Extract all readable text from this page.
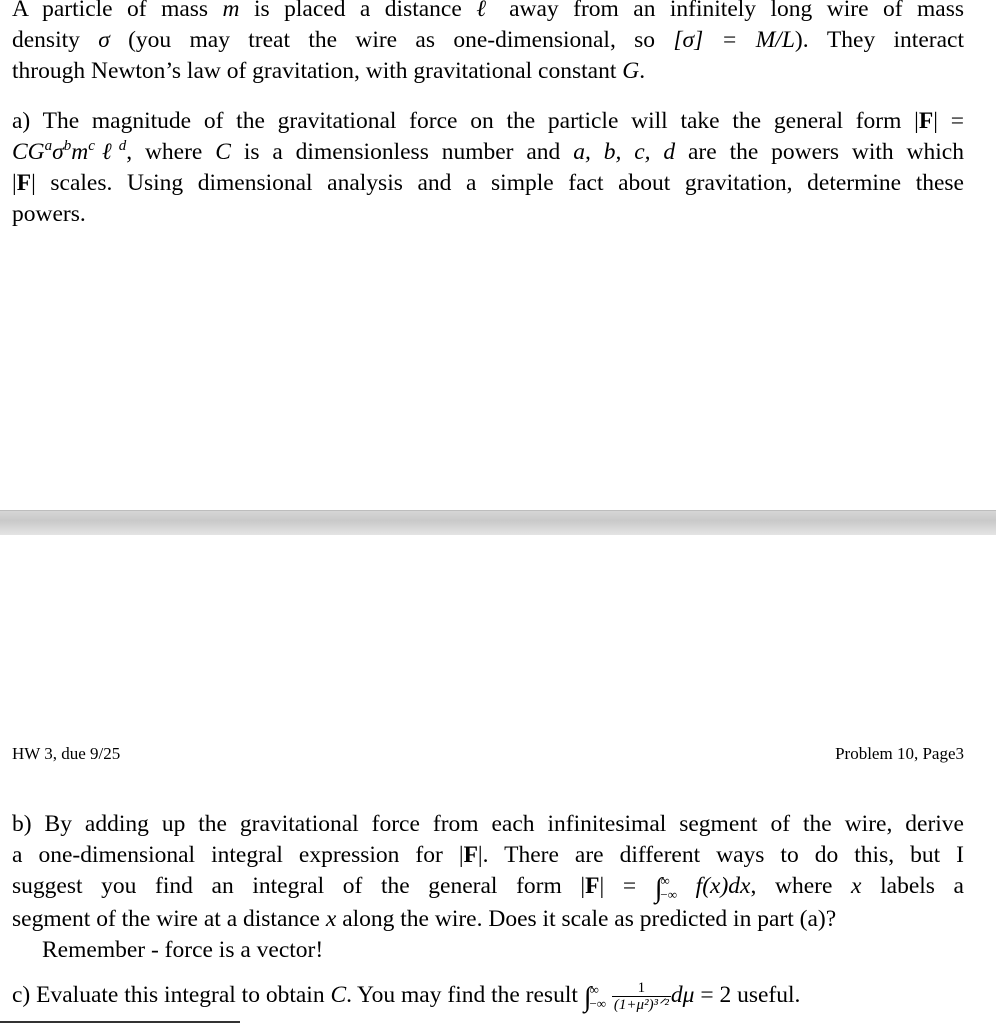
A particle of mass m is placed a distance ℓ away from an infinitely long wire of mass
density σ (you may treat the wire as one-dimensional, so [σ] = M/L). They interact
through Newton’s law of gravitation, with gravitational constant G.

a) The magnitude of the gravitational force on the particle will take the general form |F| =
$CG^a\sigma^bm^c\ell^d$, where C is a dimensionless number and a, b, c, d are the powers with which
|F| scales. Using dimensional analysis and a simple fact about gravitation, determine these
powers.

HW 3, due 9/25	Problem 10, Page3

b) By adding up the gravitational force from each infinitesimal segment of the wire, derive
a one-dimensional integral expression for |F|. There are different ways to do this, but I
suggest you find an integral of the general form |F| = ∫
∞
−∞ f(x)dx, where x labels a
segment of the wire at a distance x along the wire. Does it scale as predicted in part (a)?
Remember - force is a vector!

c) Evaluate this integral to obtain C. You may find the result ∫
∞
−∞
$\frac{1}{\text{(1+μ²)³ᐟ²}}$ dμ = 2 useful.
